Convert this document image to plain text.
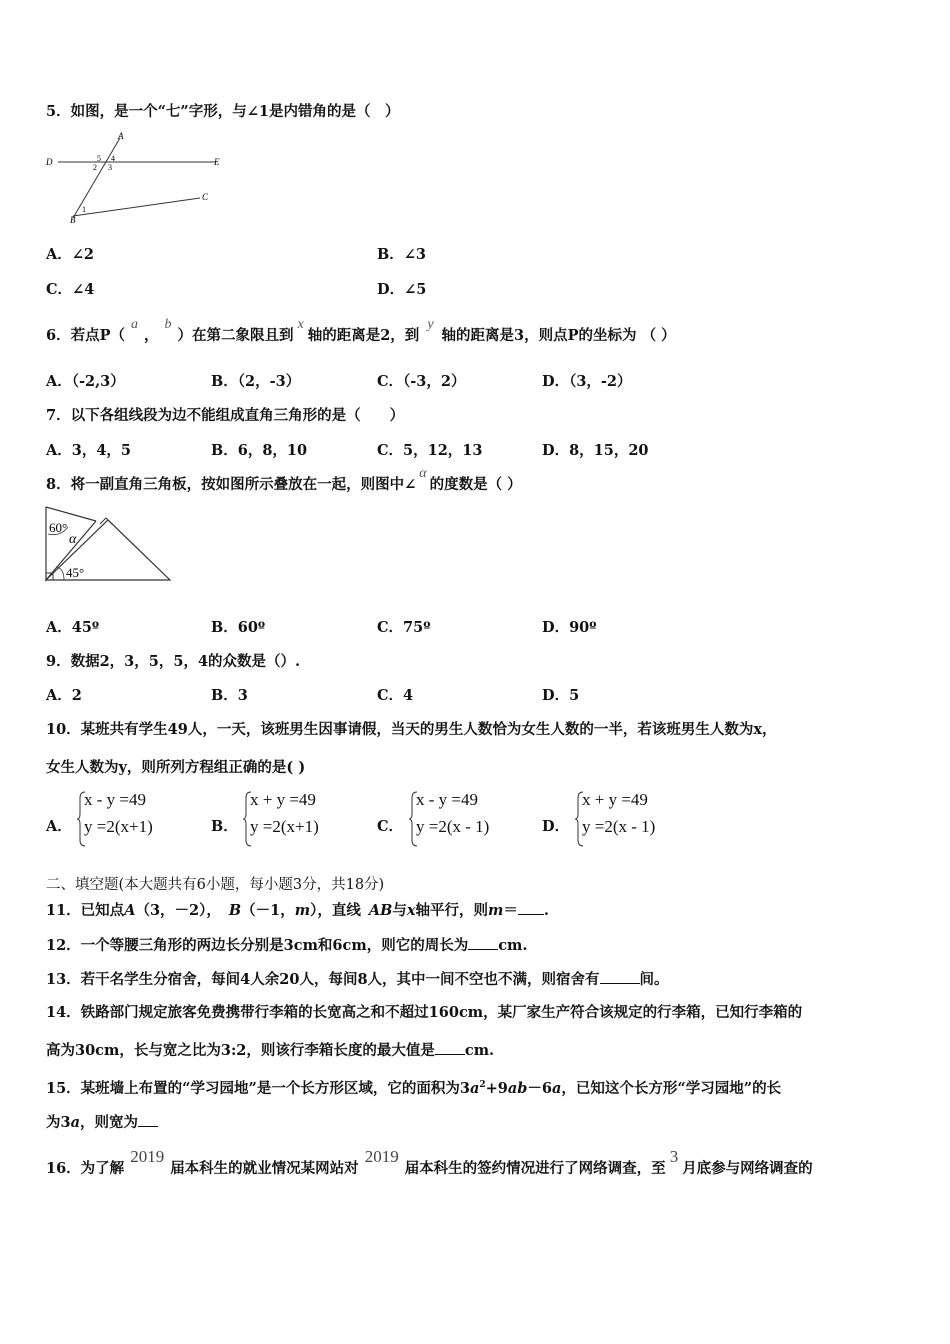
5．如图，是一个“七”字形，与∠1是内错角的是（　）
A
D	E
C
B
5 4
2 3
1
A．∠2	B．∠3
C．∠4	D．∠5
6．若点P（a，b）在第二象限且到x轴的距离是2，到y轴的距离是3，则点P的坐标为 （ ）
A．（-2,3）	B．（2，-3）	C．（-3，2）	D．（3，-2）
7．以下各组线段为边不能组成直角三角形的是（　　）
A．3，4，5	B．6，8，10	C．5，12，13	D．8，15，20
8．将一副直角三角板，按如图所示叠放在一起，则图中∠α的度数是（ ）
60°
α
45°
A．45º	B．60º	C．75º	D．90º
9．数据2，3，5，5，4的众数是（）.
A．2	B．3	C．4	D．5
10．某班共有学生49人，一天，该班男生因事请假，当天的男生人数恰为女生人数的一半，若该班男生人数为x，
女生人数为y，则所列方程组正确的是( )
A．
x - y =49
y =2(x+1)	B．
x + y =49
y =2(x+1)	C．
x - y =49
y =2(x - 1)	D．
x + y =49
y =2(x - 1)
二、填空题(本大题共有6小题，每小题3分，共18分)
11．已知点A（3，－2）， B（－1，m），直线 AB与x轴平行，则m＝ .
12．一个等腰三角形的两边长分别是3cm和6cm，则它的周长为 cm.
13．若干名学生分宿舍，每间4人余20人，每间8人，其中一间不空也不满，则宿舍有	间。
14．铁路部门规定旅客免费携带行李箱的长宽高之和不超过160cm，某厂家生产符合该规定的行李箱，已知行李箱的
高为30cm，长与宽之比为3:2，则该行李箱长度的最大值是 cm.
15．某班墙上布置的“学习园地”是一个长方形区域，它的面积为$3a^2+9ab-6a$，已知这个长方形“学习园地”的长
为3a，则宽为
16．为了解2019届本科生的就业情况某网站对2019届本科生的签约情况进行了网络调查，至3月底参与网络调查的
